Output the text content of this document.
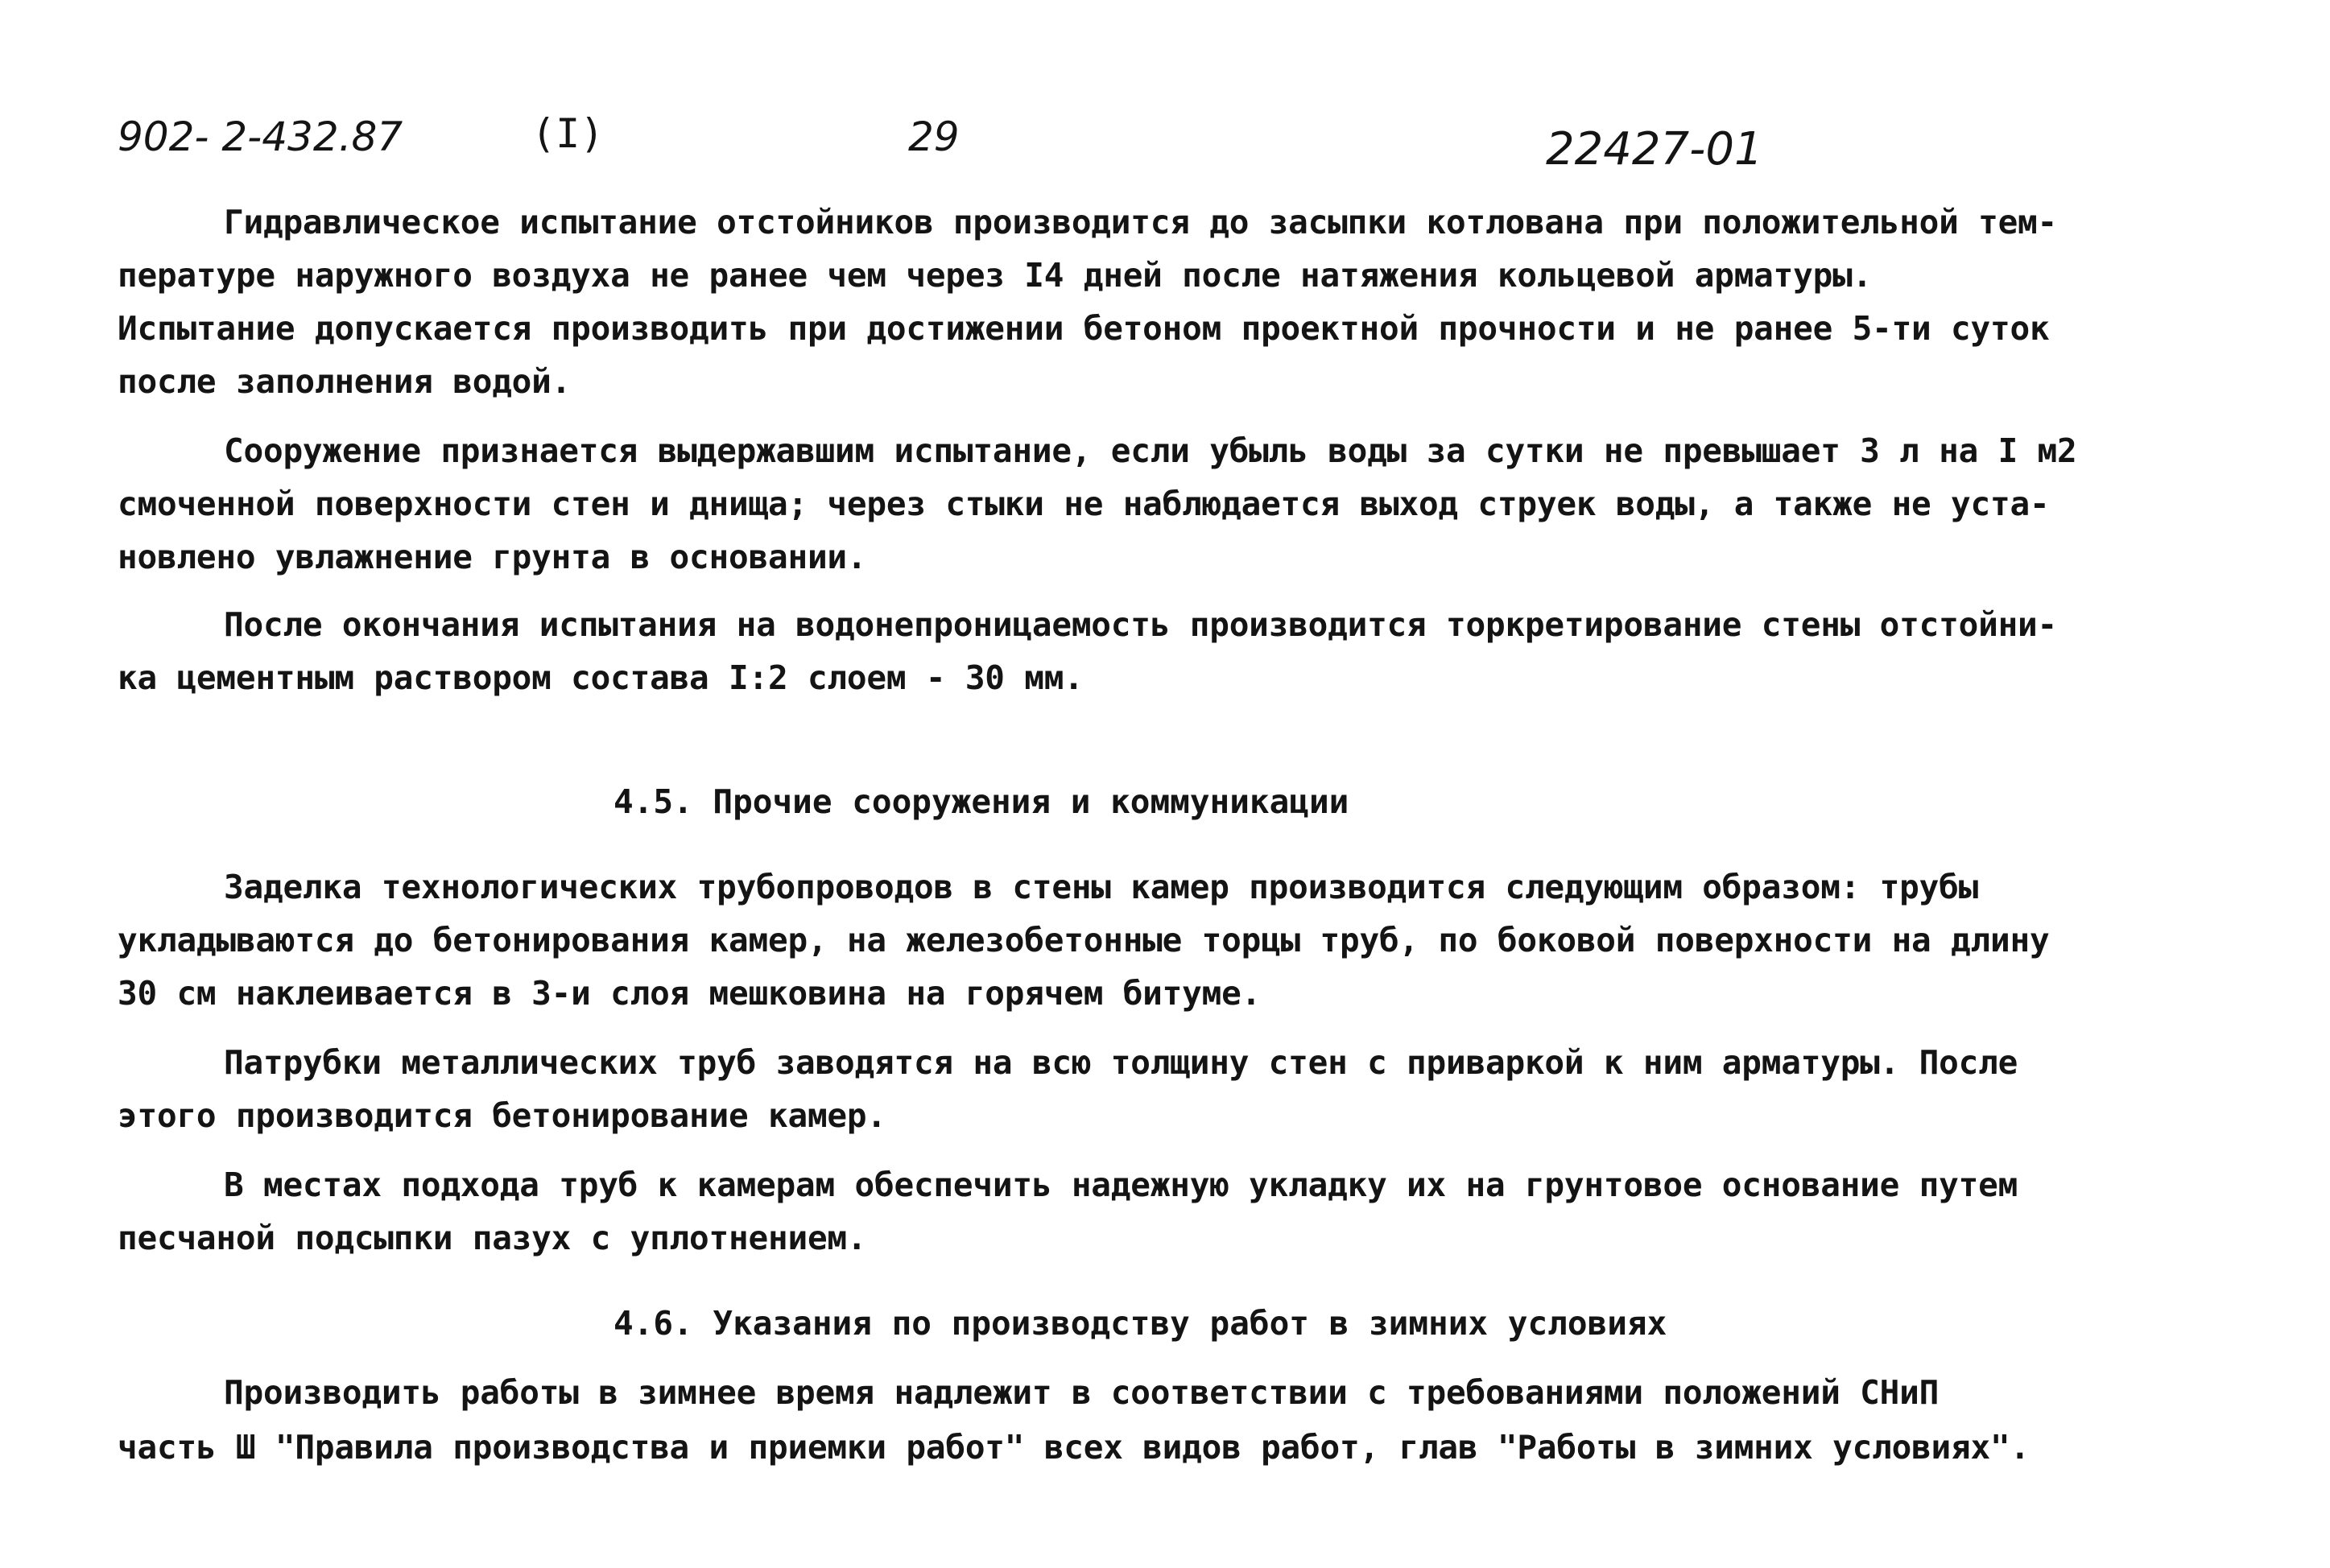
902- 2-432.87	(I)	29	22427-01
Гидравлическое испытание отстойников производится до засыпки котлована при положительной тем-
пературе наружного воздуха не ранее чем через I4 дней после натяжения кольцевой арматуры.
Испытание допускается производить при достижении бетоном проектной прочности и не ранее 5-ти суток
после заполнения водой.
Сооружение признается выдержавшим испытание, если убыль воды за сутки не превышает 3 л на I м2
смоченной поверхности стен и днища; через стыки не наблюдается выход струек воды, а также не уста-
новлено увлажнение грунта в основании.
После окончания испытания на водонепроницаемость производится торкретирование стены отстойни-
ка цементным раствором состава I:2 слоем - 30 мм.
4.5. Прочие сооружения и коммуникации
Заделка технологических трубопроводов в стены камер производится следующим образом: трубы
укладываются до бетонирования камер, на железобетонные торцы труб, по боковой поверхности на длину
30 см наклеивается в 3-и слоя мешковина на горячем битуме.
Патрубки металлических труб заводятся на всю толщину стен с приваркой к ним арматуры. После
этого производится бетонирование камер.
В местах подхода труб к камерам обеспечить надежную укладку их на грунтовое основание путем
песчаной подсыпки пазух с уплотнением.
4.6. Указания по производству работ в зимних условиях
Производить работы в зимнее время надлежит в соответствии с требованиями положений СНиП
часть Ш "Правила производства и приемки работ" всех видов работ, глав "Работы в зимних условиях".
